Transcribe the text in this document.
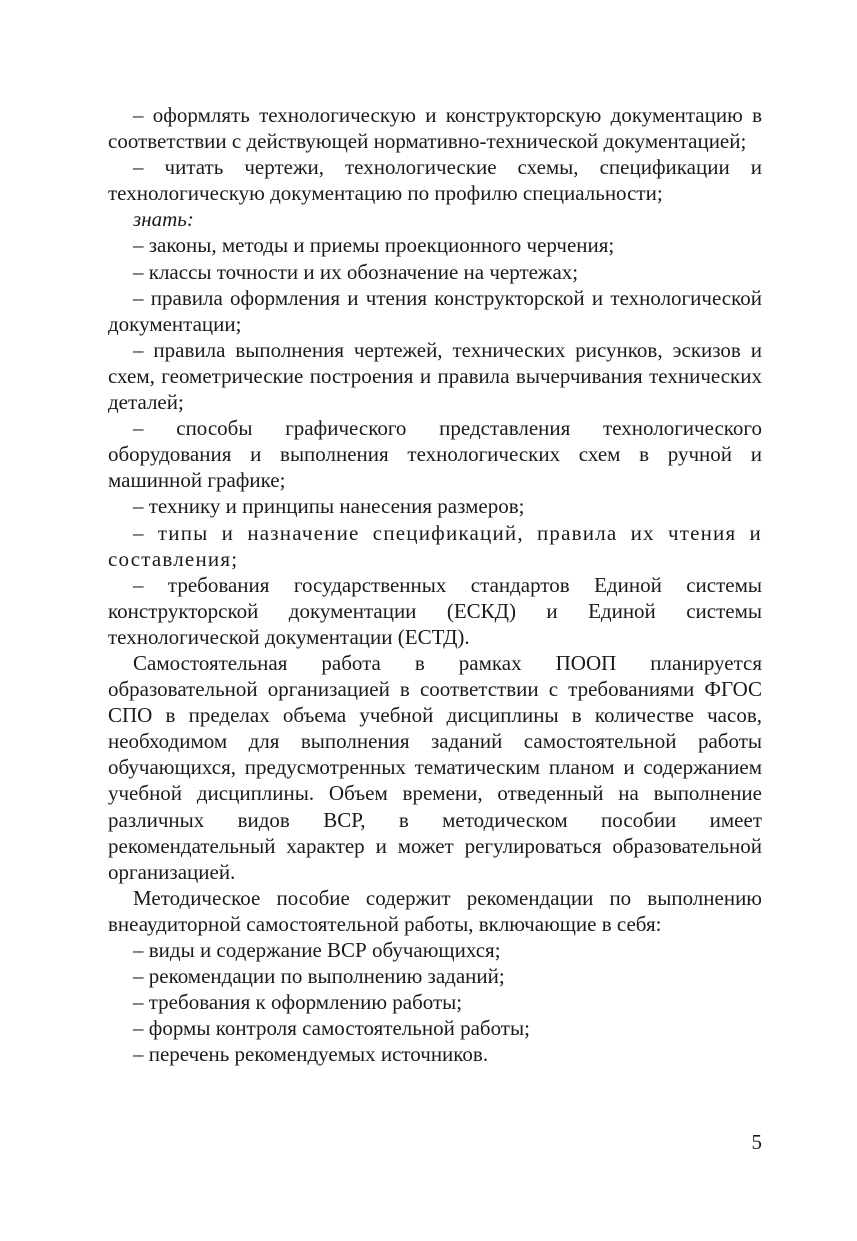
– оформлять технологическую и конструкторскую документацию в соответствии с действующей нормативно-технической документацией;

– читать чертежи, технологические схемы, спецификации и технологическую документацию по профилю специальности;

знать:

– законы, методы и приемы проекционного черчения;

– классы точности и их обозначение на чертежах;

– правила оформления и чтения конструкторской и технологической документации;

– правила выполнения чертежей, технических рисунков, эскизов и схем, геометрические построения и правила вычерчивания технических деталей;

– способы графического представления технологического оборудования и выполнения технологических схем в ручной и машинной графике;

– технику и принципы нанесения размеров;

– типы и назначение спецификаций, правила их чтения и составления;

– требования государственных стандартов Единой системы конструкторской документации (ЕСКД) и Единой системы технологической документации (ЕСТД).

Самостоятельная работа в рамках ПООП планируется образовательной организацией в соответствии с требованиями ФГОС СПО в пределах объема учебной дисциплины в количестве часов, необходимом для выполнения заданий самостоятельной работы обучающихся, предусмотренных тематическим планом и содержанием учебной дисциплины. Объем времени, отведенный на выполнение различных видов ВСР, в методическом пособии имеет рекомендательный характер и может регулироваться образовательной организацией.

Методическое пособие содержит рекомендации по выполнению внеаудиторной самостоятельной работы, включающие в себя:

– виды и содержание ВСР обучающихся;

– рекомендации по выполнению заданий;

– требования к оформлению работы;

– формы контроля самостоятельной работы;

– перечень рекомендуемых источников.

5
